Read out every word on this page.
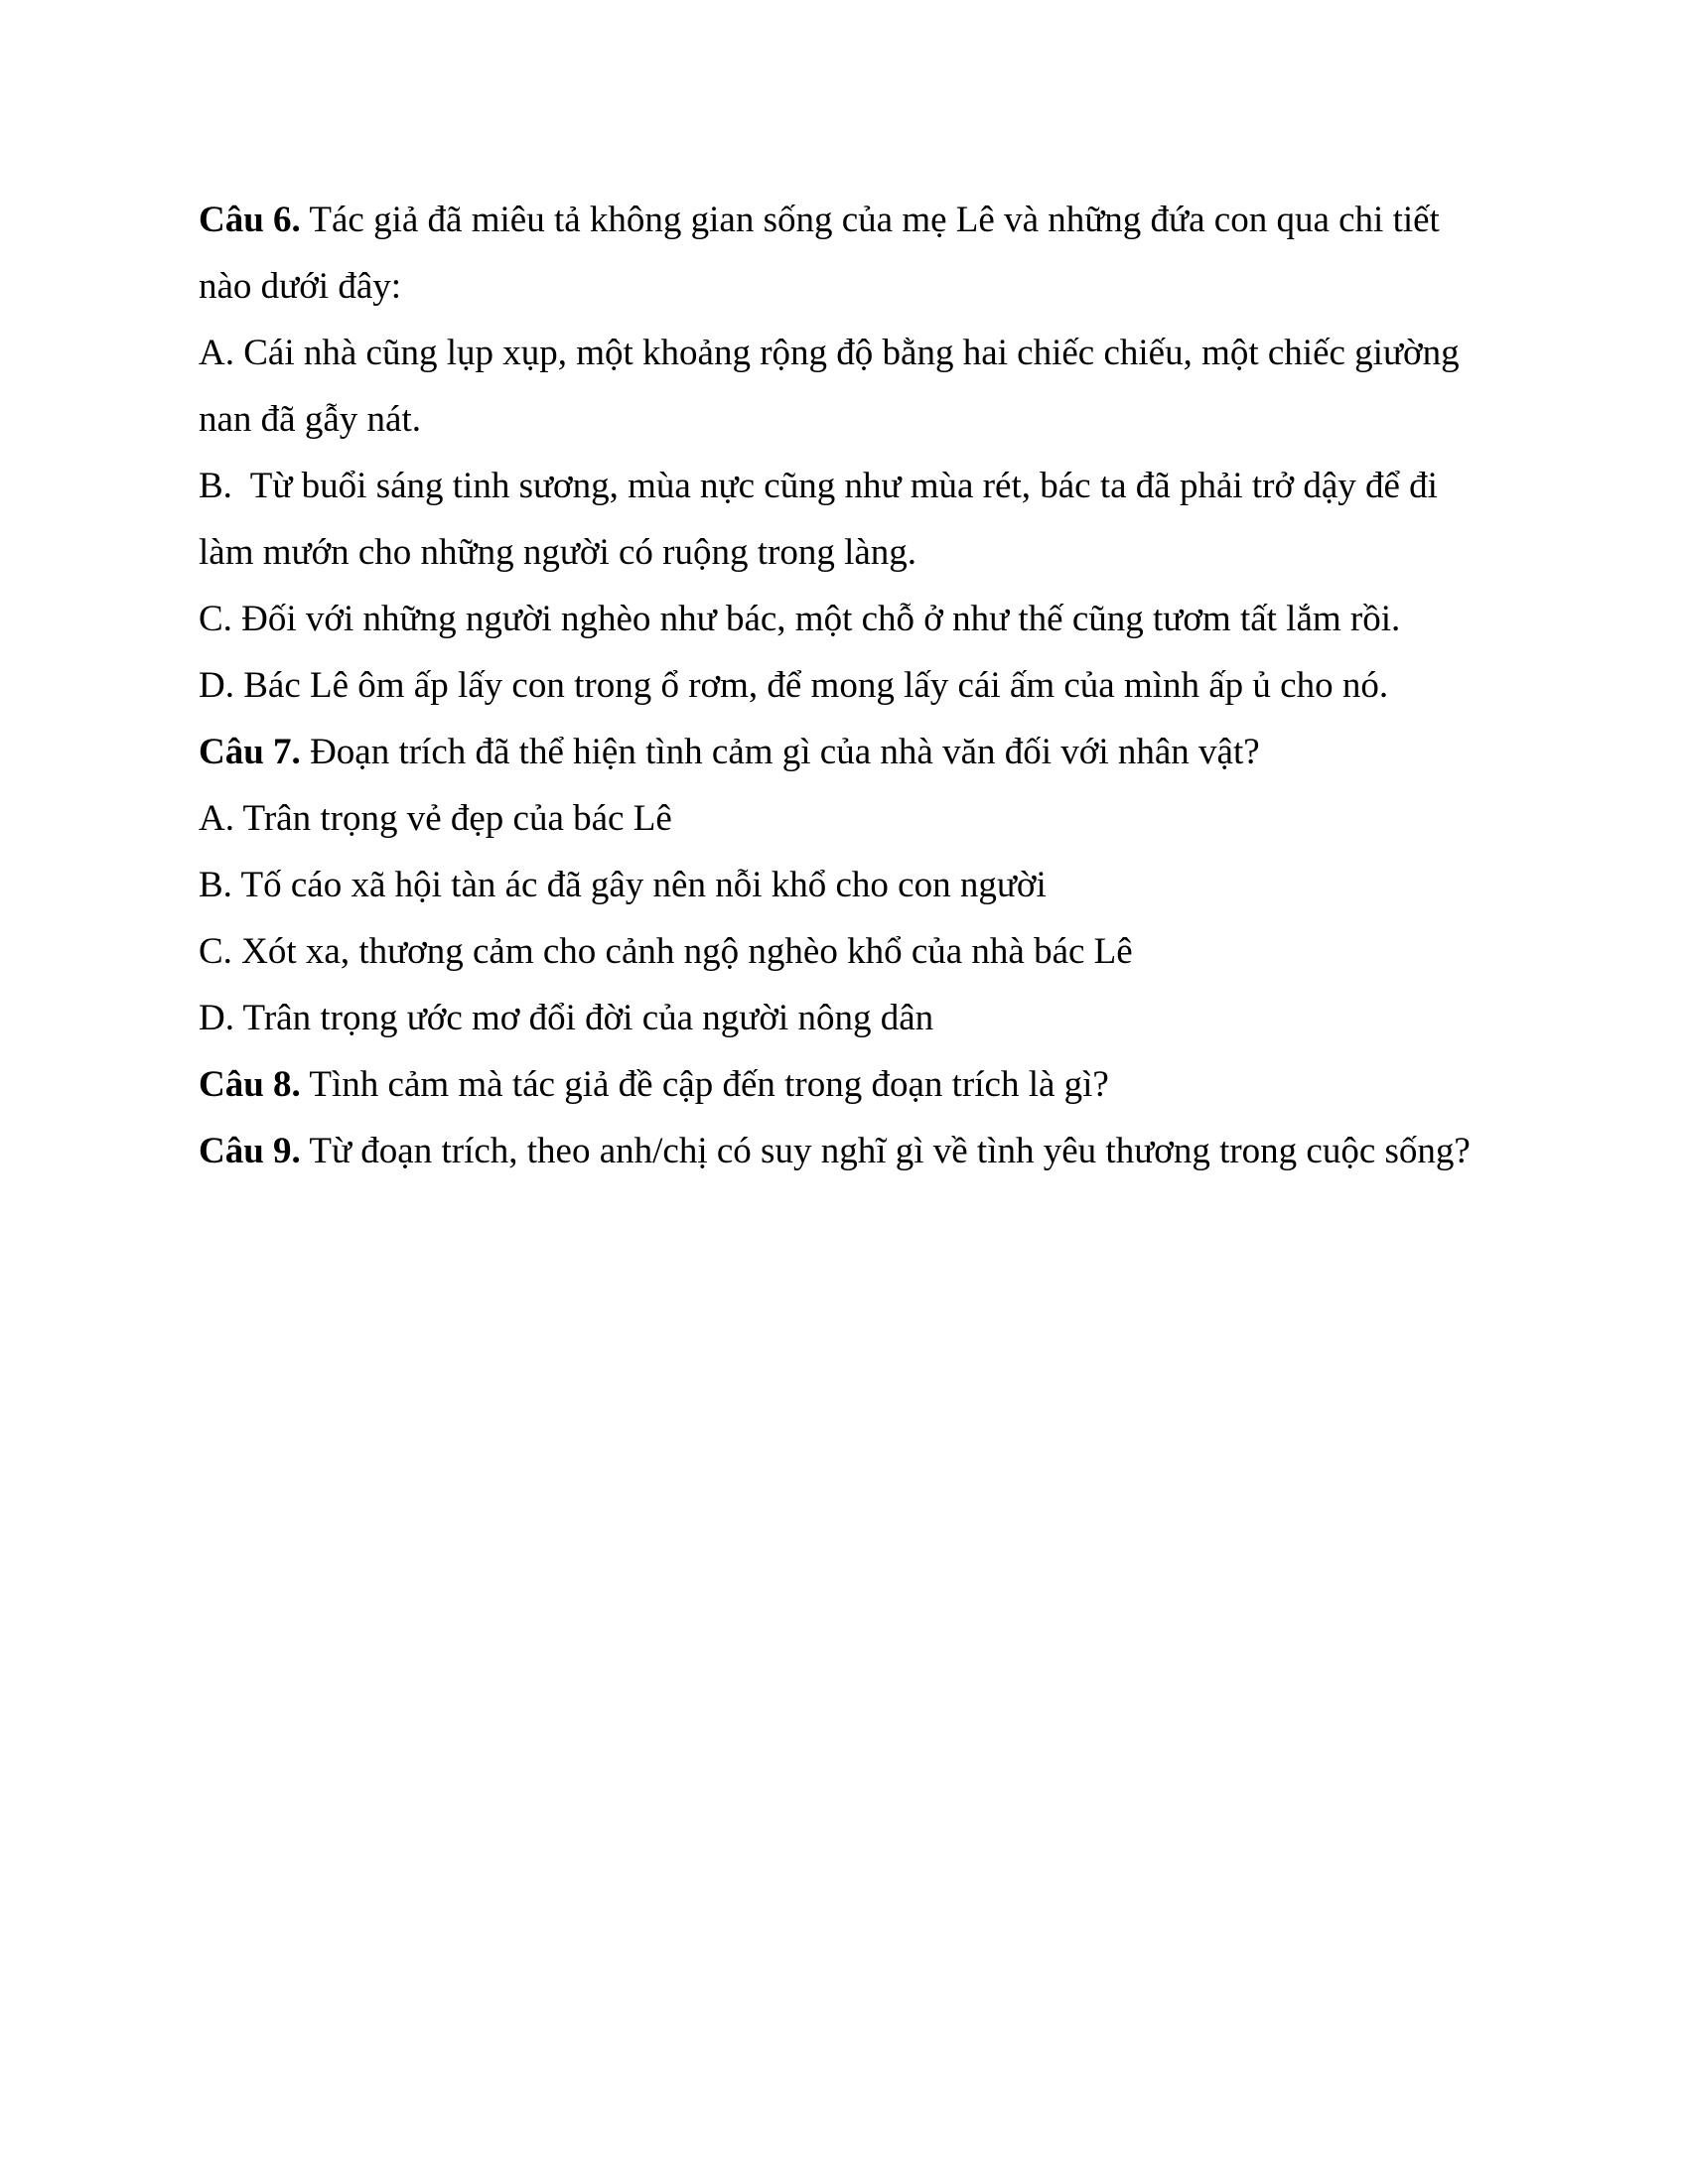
Câu 6. Tác giả đã miêu tả không gian sống của mẹ Lê và những đứa con qua chi tiết nào dưới đây:
A. Cái nhà cũng lụp xụp, một khoảng rộng độ bằng hai chiếc chiếu, một chiếc giường nan đã gẫy nát.
B.  Từ buổi sáng tinh sương, mùa nực cũng như mùa rét, bác ta đã phải trở dậy để đi làm mướn cho những người có ruộng trong làng.
C. Đối với những người nghèo như bác, một chỗ ở như thế cũng tươm tất lắm rồi.
D. Bác Lê ôm ấp lấy con trong ổ rơm, để mong lấy cái ấm của mình ấp ủ cho nó.
Câu 7. Đoạn trích đã thể hiện tình cảm gì của nhà văn đối với nhân vật?
A. Trân trọng vẻ đẹp của bác Lê
B. Tố cáo xã hội tàn ác đã gây nên nỗi khổ cho con người
C. Xót xa, thương cảm cho cảnh ngộ nghèo khổ của nhà bác Lê
D. Trân trọng ước mơ đổi đời của người nông dân
Câu 8. Tình cảm mà tác giả đề cập đến trong đoạn trích là gì?
Câu 9. Từ đoạn trích, theo anh/chị có suy nghĩ gì về tình yêu thương trong cuộc sống?
